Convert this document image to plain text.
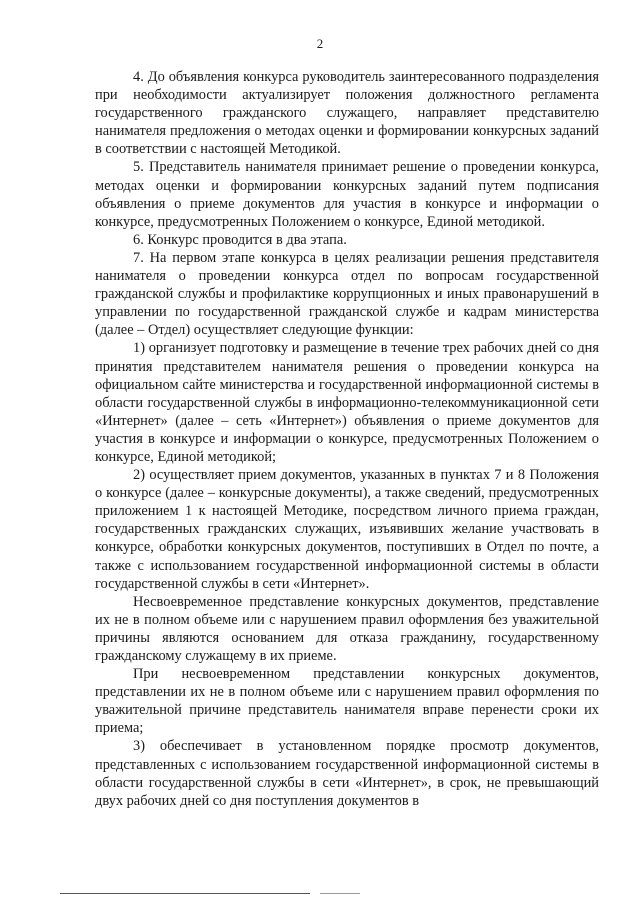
2

4. До объявления конкурса руководитель заинтересованного подразделения при необходимости актуализирует положения должностного регламента государственного гражданского служащего, направляет представителю нанимателя предложения о методах оценки и формировании конкурсных заданий в соответствии с настоящей Методикой.

5. Представитель нанимателя принимает решение о проведении конкурса, методах оценки и формировании конкурсных заданий путем подписания объявления о приеме документов для участия в конкурсе и информации о конкурсе, предусмотренных Положением о конкурсе, Единой методикой.

6. Конкурс проводится в два этапа.

7. На первом этапе конкурса в целях реализации решения представителя нанимателя о проведении конкурса отдел по вопросам государственной гражданской службы и профилактике коррупционных и иных правонарушений в управлении по государственной гражданской службе и кадрам министерства (далее – Отдел) осуществляет следующие функции:

1) организует подготовку и размещение в течение трех рабочих дней со дня принятия представителем нанимателя решения о проведении конкурса на официальном сайте министерства и государственной информационной системы в области государственной службы в информационно-телекоммуникационной сети «Интернет» (далее – сеть «Интернет») объявления о приеме документов для участия в конкурсе и информации о конкурсе, предусмотренных Положением о конкурсе, Единой методикой;

2) осуществляет прием документов, указанных в пунктах 7 и 8 Положения о конкурсе (далее – конкурсные документы), а также сведений, предусмотренных приложением 1 к настоящей Методике, посредством личного приема граждан, государственных гражданских служащих, изъявивших желание участвовать в конкурсе, обработки конкурсных документов, поступивших в Отдел по почте, а также с использованием государственной информационной системы в области государственной службы в сети «Интернет».

Несвоевременное представление конкурсных документов, представление их не в полном объеме или с нарушением правил оформления без уважительной причины являются основанием для отказа гражданину, государственному гражданскому служащему в их приеме.

При несвоевременном представлении конкурсных документов, представлении их не в полном объеме или с нарушением правил оформления по уважительной причине представитель нанимателя вправе перенести сроки их приема;

3) обеспечивает в установленном порядке просмотр документов, представленных с использованием государственной информационной системы в области государственной службы в сети «Интернет», в срок, не превышающий двух рабочих дней со дня поступления документов в
